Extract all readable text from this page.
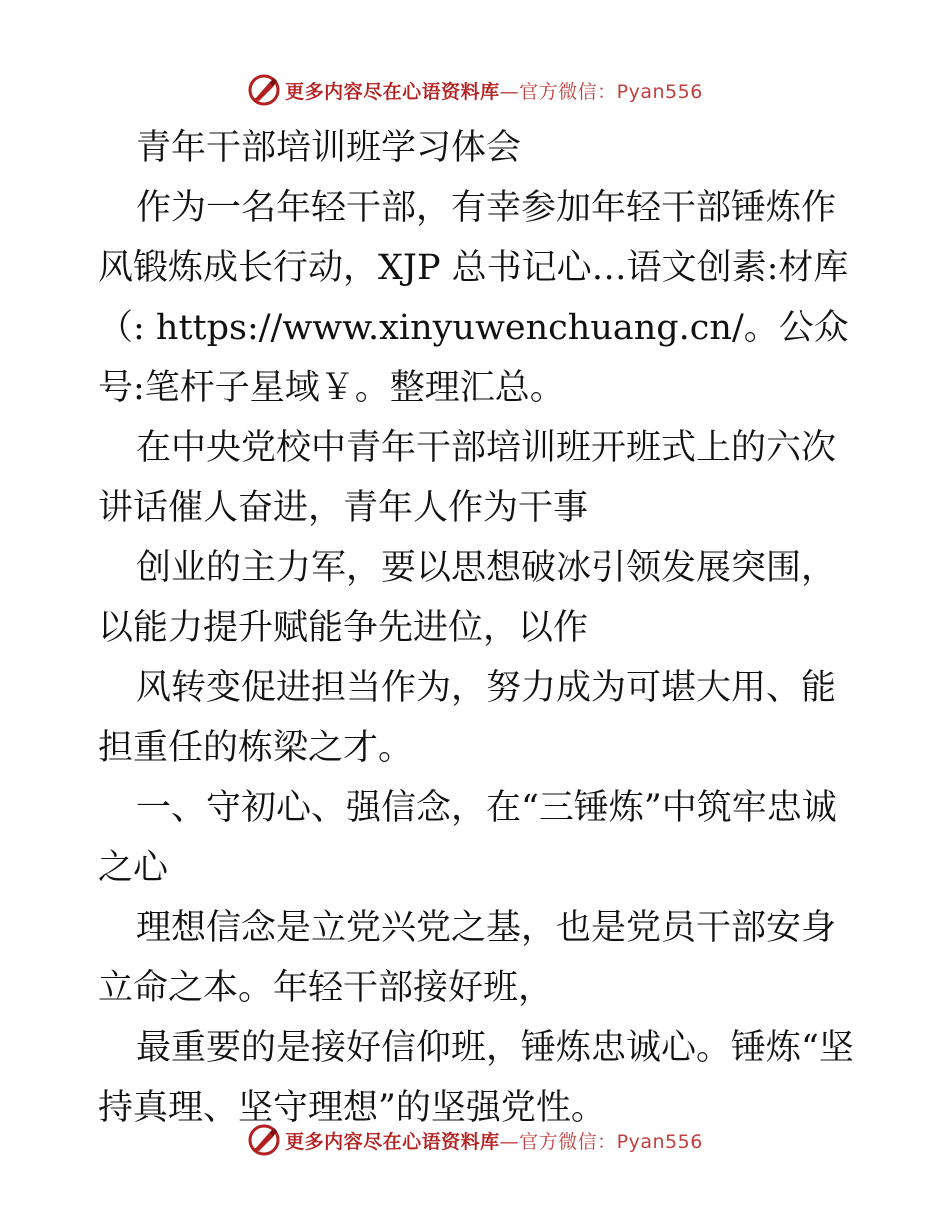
更多内容尽在心语资料库—官方微信：Pyan556

青年干部培训班学习体会

作为一名年轻干部，有幸参加年轻干部锤炼作风锻炼成长行动，XJP 总书记心…语文创素:材库（: https://www.xinyuwenchuang.cn/。公众号:笔杆子星域￥。整理汇总。

在中央党校中青年干部培训班开班式上的六次讲话催人奋进，青年人作为干事

创业的主力军，要以思想破冰引领发展突围，以能力提升赋能争先进位，以作

风转变促进担当作为，努力成为可堪大用、能担重任的栋梁之才。

一、守初心、强信念，在“三锤炼”中筑牢忠诚之心

理想信念是立党兴党之基，也是党员干部安身立命之本。年轻干部接好班，

最重要的是接好信仰班，锤炼忠诚心。锤炼“坚持真理、坚守理想”的坚强党性。

更多内容尽在心语资料库—官方微信：Pyan556
